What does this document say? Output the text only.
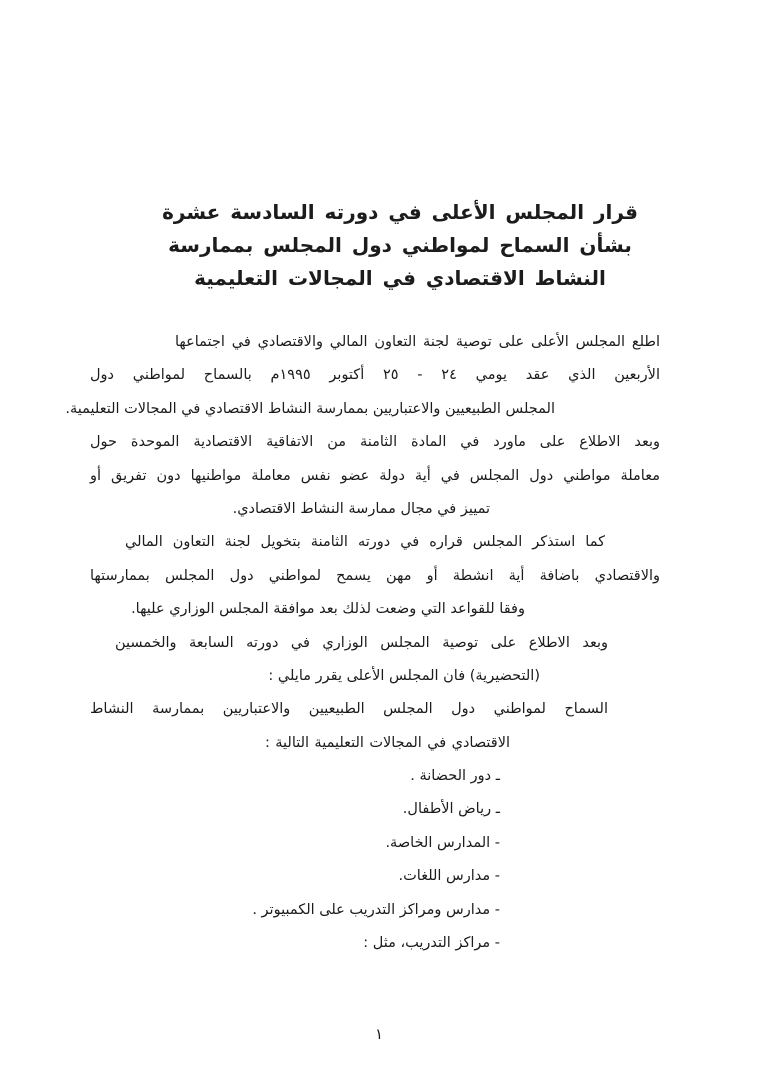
قرار المجلس الأعلى في دورته السادسة عشرة
بشأن السماح لمواطني دول المجلس بممارسة
النشاط الاقتصادي في المجالات التعليمية
اطلع المجلس الأعلى على توصية لجنة التعاون المالي والاقتصادي في اجتماعها
الأربعين الذي عقد يومي ٢٤ - ٢٥ أكتوبر ١٩٩٥م بالسماح لمواطني دول
المجلس الطبيعيين والاعتباريين بممارسة النشاط الاقتصادي في المجالات التعليمية.
وبعد الاطلاع على ماورد في المادة الثامنة من الاتفاقية الاقتصادية الموحدة حول
معاملة مواطني دول المجلس في أية دولة عضو نفس معاملة مواطنيها دون تفريق أو
تمييز في مجال ممارسة النشاط الاقتصادي.
كما استذكر المجلس قراره في دورته الثامنة بتخويل لجنة التعاون المالي
والاقتصادي باضافة أية انشطة أو مهن يسمح لمواطني دول المجلس بممارستها
وفقا للقواعد التي وضعت لذلك بعد موافقة المجلس الوزاري عليها.
وبعد الاطلاع على توصية المجلس الوزاري في دورته السابعة والخمسين
(التحضيرية) فان المجلس الأعلى يقرر مايلي :
السماح لمواطني دول المجلس الطبيعيين والاعتباريين بممارسة النشاط
الاقتصادي في المجالات التعليمية التالية :
ـ دور الحضانة .
ـ رياض الأطفال.
- المدارس الخاصة.
- مدارس اللغات.
- مدارس ومراكز التدريب على الكمبيوتر .
- مراكز التدريب، مثل :
١
